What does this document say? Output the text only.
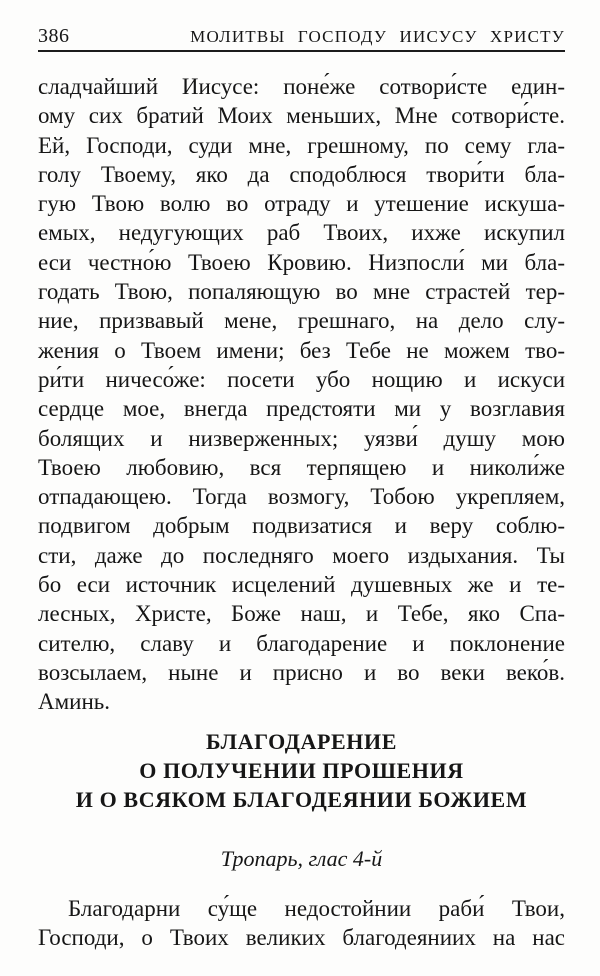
386	МОЛИТВЫ ГОСПОДУ ИИСУСУ ХРИСТУ
сладчайший Иисусе: поне́же сотвори́сте един-
ому сих братий Моих меньших, Мне сотвори́сте.
Ей, Господи, суди мне, грешному, по сему гла-
голу Твоему, яко да сподоблюся твори́ти бла-
гую Твою волю во отраду и утешение искуша-
емых, недугующих раб Твоих, ихже искупил
еси честно́ю Твоею Кровию. Низпосли́ ми бла-
годать Твою, попаляющую во мне страстей тер-
ние, призвавый мене, грешнаго, на дело слу-
жения о Твоем имени; без Тебе не можем тво-
ри́ти ничесо́же: посети убо нощию и искуси
сердце мое, внегда предстояти ми у возглавия
болящих и низверженных; уязви́ душу мою
Твоею любовию, вся терпящею и николи́же
отпадающею. Тогда возмогу, Тобою укрепляем,
подвигом добрым подвизатися и веру соблю-
сти, даже до последняго моего издыхания. Ты
бо еси источник исцелений душевных же и те-
лесных, Христе, Боже наш, и Тебе, яко Спа-
сителю, славу и благодарение и поклонение
возсылаем, ныне и присно и во веки веко́в.
Аминь.
БЛАГОДАРЕНИЕ
О ПОЛУЧЕНИИ ПРОШЕНИЯ
И О ВСЯКОМ БЛАГОДЕЯНИИ БОЖИЕМ
Тропарь, глас 4-й
Благодарни су́ще недостойнии раби́ Твои,
Господи, о Твоих великих благодеяниих на нас
